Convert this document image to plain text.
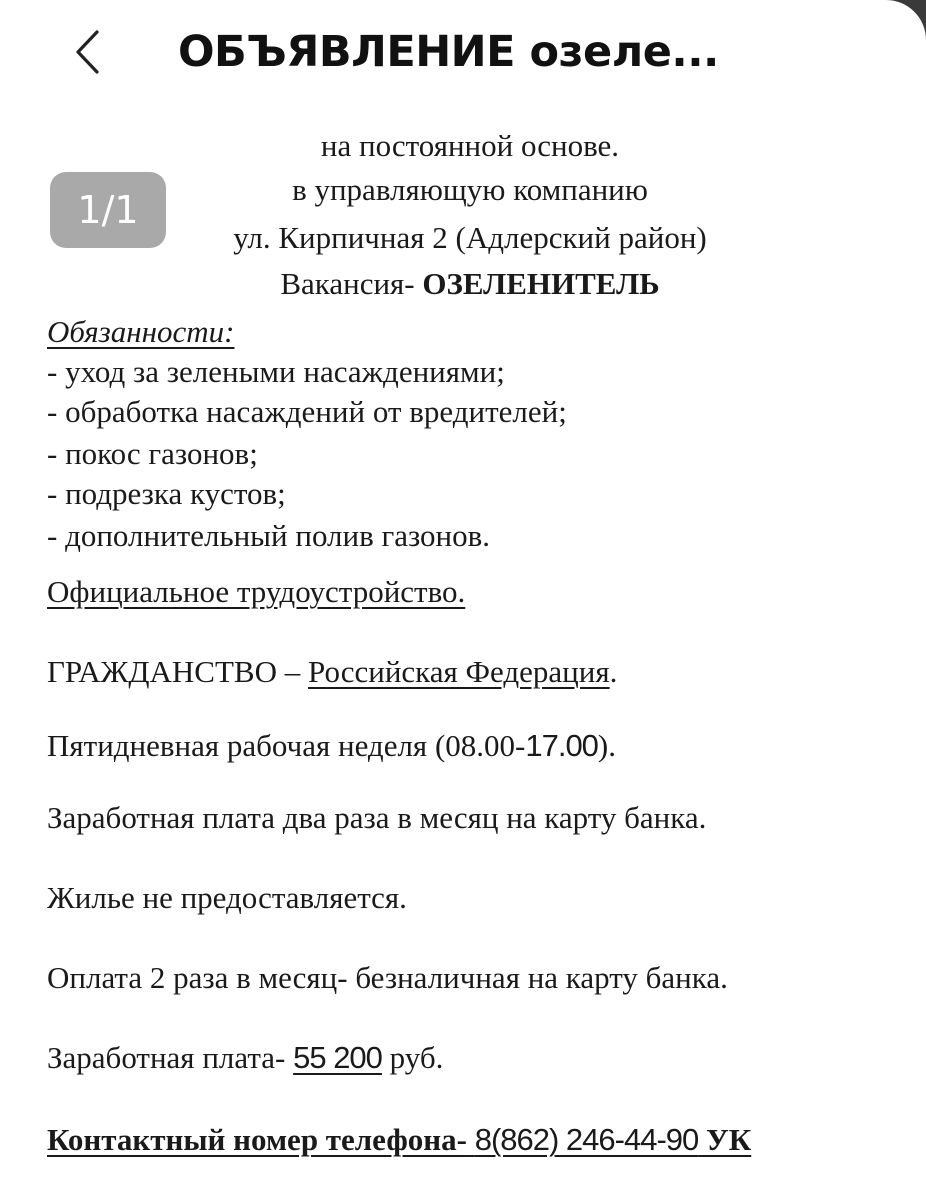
ОБЪЯВЛЕНИЕ озеле...
1/1
на постоянной основе.
в управляющую компанию
ул. Кирпичная 2 (Адлерский район)
Вакансия- ОЗЕЛЕНИТЕЛЬ
Обязанности:
- уход за зелеными насаждениями;
- обработка насаждений от вредителей;
- покос газонов;
- подрезка кустов;
- дополнительный полив газонов.
Официальное трудоустройство.
ГРАЖДАНСТВО – Российская Федерация.
Пятидневная рабочая неделя (08.00-17.00).
Заработная плата два раза в месяц на карту банка.
Жилье не предоставляется.
Оплата 2 раза в месяц- безналичная на карту банка.
Заработная плата- 55 200 руб.
Контактный номер телефона- 8(862) 246-44-90 УК
